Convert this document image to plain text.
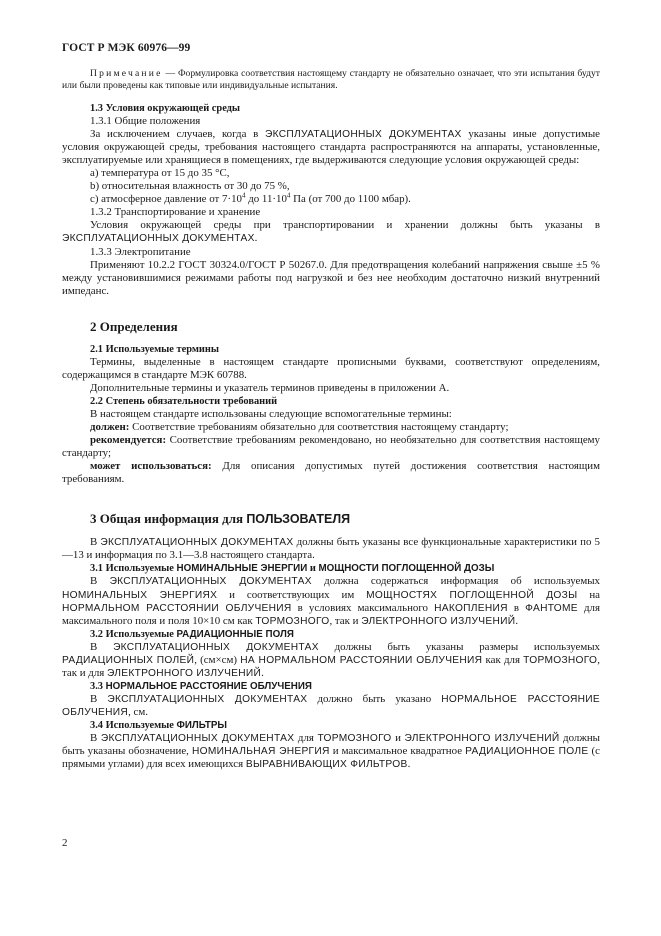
ГОСТ Р МЭК 60976—99

Примечание — Формулировка соответствия настоящему стандарту не обязательно означает, что эти испытания будут или были проведены как типовые или индивидуальные испытания.

1.3 Условия окружающей среды

1.3.1 Общие положения

За исключением случаев, когда в ЭКСПЛУАТАЦИОННЫХ ДОКУМЕНТАХ указаны иные допустимые условия окружающей среды, требования настоящего стандарта распространяются на аппараты, установленные, эксплуатируемые или хранящиеся в помещениях, где выдерживаются следующие условия окружающей среды:

a) температура от 15 до 35 °С,

b) относительная влажность от 30 до 75 %,

c) атмосферное давление от $7\cdot 10^4$ до $11\cdot 10^4$ Па (от 700 до 1100 мбар).

1.3.2 Транспортирование и хранение

Условия окружающей среды при транспортировании и хранении должны быть указаны в ЭКСПЛУАТАЦИОННЫХ ДОКУМЕНТАХ.

1.3.3 Электропитание

Применяют 10.2.2 ГОСТ 30324.0/ГОСТ Р 50267.0. Для предотвращения колебаний напряжения свыше ±5 % между установившимися режимами работы под нагрузкой и без нее необходим достаточно низкий внутренний импеданс.

2 Определения

2.1 Используемые термины

Термины, выделенные в настоящем стандарте прописными буквами, соответствуют определениям, содержащимся в стандарте МЭК 60788.

Дополнительные термины и указатель терминов приведены в приложении А.

2.2 Степень обязательности требований

В настоящем стандарте использованы следующие вспомогательные термины:

должен: Соответствие требованиям обязательно для соответствия настоящему стандарту;

рекомендуется: Соответствие требованиям рекомендовано, но необязательно для соответствия настоящему стандарту;

может использоваться: Для описания допустимых путей достижения соответствия настоящим требованиям.

3 Общая информация для ПОЛЬЗОВАТЕЛЯ

В ЭКСПЛУАТАЦИОННЫХ ДОКУМЕНТАХ должны быть указаны все функциональные характеристики по 5—13 и информация по 3.1—3.8 настоящего стандарта.

3.1 Используемые НОМИНАЛЬНЫЕ ЭНЕРГИИ и МОЩНОСТИ ПОГЛОЩЕННОЙ ДОЗЫ

В ЭКСПЛУАТАЦИОННЫХ ДОКУМЕНТАХ должна содержаться информация об используемых НОМИНАЛЬНЫХ ЭНЕРГИЯХ и соответствующих им МОЩНОСТЯХ ПОГЛОЩЕННОЙ ДОЗЫ на НОРМАЛЬНОМ РАССТОЯНИИ ОБЛУЧЕНИЯ в условиях максимального НАКОПЛЕНИЯ в ФАНТОМЕ для максимального поля и поля 10×10 см как ТОРМОЗНОГО, так и ЭЛЕКТРОННОГО ИЗЛУЧЕНИЙ.

3.2 Используемые РАДИАЦИОННЫЕ ПОЛЯ

В ЭКСПЛУАТАЦИОННЫХ ДОКУМЕНТАХ должны быть указаны размеры используемых РАДИАЦИОННЫХ ПОЛЕЙ, (см×см) НА НОРМАЛЬНОМ РАССТОЯНИИ ОБЛУЧЕНИЯ как для ТОРМОЗНОГО, так и для ЭЛЕКТРОННОГО ИЗЛУЧЕНИЙ.

3.3 НОРМАЛЬНОЕ РАССТОЯНИЕ ОБЛУЧЕНИЯ

В ЭКСПЛУАТАЦИОННЫХ ДОКУМЕНТАХ должно быть указано НОРМАЛЬНОЕ РАССТОЯНИЕ ОБЛУЧЕНИЯ, см.

3.4 Используемые ФИЛЬТРЫ

В ЭКСПЛУАТАЦИОННЫХ ДОКУМЕНТАХ для ТОРМОЗНОГО и ЭЛЕКТРОННОГО ИЗЛУЧЕНИЙ должны быть указаны обозначение, НОМИНАЛЬНАЯ ЭНЕРГИЯ и максимальное квадратное РАДИАЦИОННОЕ ПОЛЕ (с прямыми углами) для всех имеющихся ВЫРАВНИВАЮЩИХ ФИЛЬТРОВ.

2
